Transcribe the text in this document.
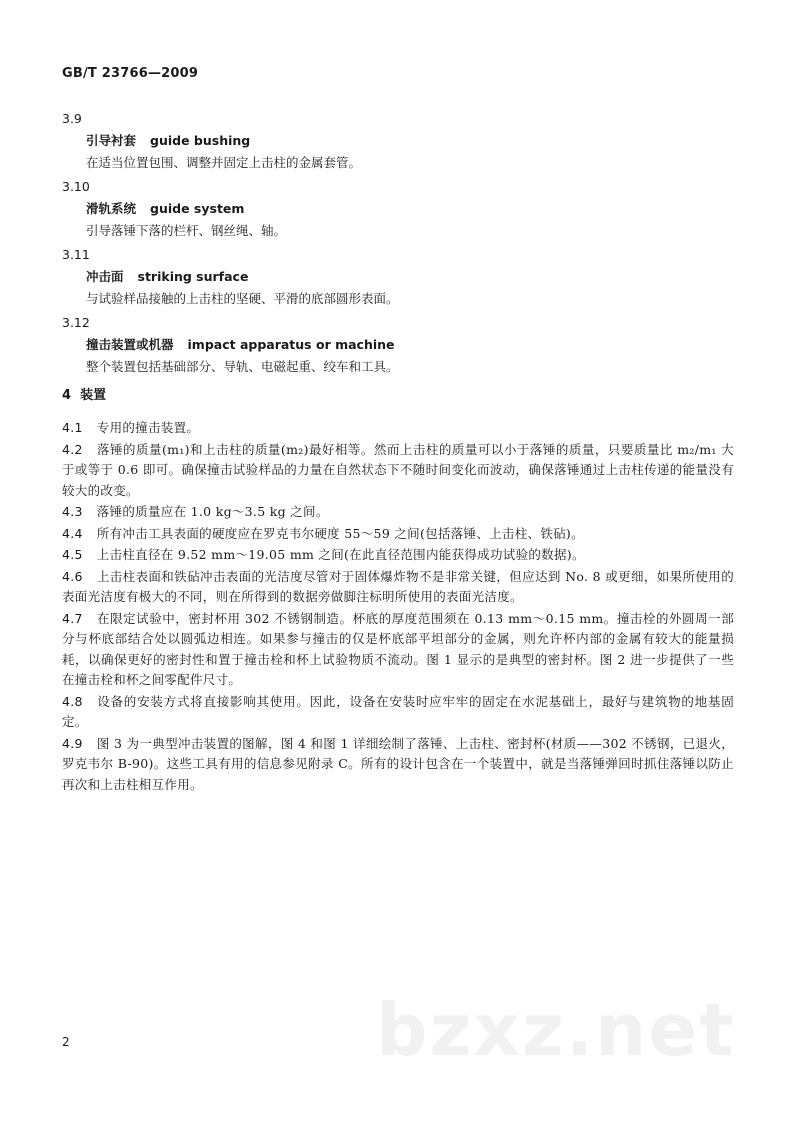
GB/T 23766—2009
3.9
引导衬套 guide bushing
在适当位置包围、调整并固定上击柱的金属套管。
3.10
滑轨系统 guide system
引导落锤下落的栏杆、钢丝绳、轴。
3.11
冲击面 striking surface
与试验样品接触的上击柱的坚硬、平滑的底部圆形表面。
3.12
撞击装置或机器 impact apparatus or machine
整个装置包括基础部分、导轨、电磁起重、绞车和工具。
4 装置
4.1 专用的撞击装置。
4.2 落锤的质量(m₁)和上击柱的质量(m₂)最好相等。然而上击柱的质量可以小于落锤的质量，只要质量比 m₂/m₁ 大于或等于 0.6 即可。确保撞击试验样品的力量在自然状态下不随时间变化而波动，确保落锤通过上击柱传递的能量没有较大的改变。
4.3 落锤的质量应在 1.0 kg～3.5 kg 之间。
4.4 所有冲击工具表面的硬度应在罗克韦尔硬度 55～59 之间(包括落锤、上击柱、铁砧)。
4.5 上击柱直径在 9.52 mm～19.05 mm 之间(在此直径范围内能获得成功试验的数据)。
4.6 上击柱表面和铁砧冲击表面的光洁度尽管对于固体爆炸物不是非常关键，但应达到 No. 8 或更细，如果所使用的表面光洁度有极大的不同，则在所得到的数据旁做脚注标明所使用的表面光洁度。
4.7 在限定试验中，密封杯用 302 不锈钢制造。杯底的厚度范围须在 0.13 mm～0.15 mm。撞击栓的外圆周一部分与杯底部结合处以圆弧边相连。如果参与撞击的仅是杯底部平坦部分的金属，则允许杯内部的金属有较大的能量损耗，以确保更好的密封性和置于撞击栓和杯上试验物质不流动。图 1 显示的是典型的密封杯。图 2 进一步提供了一些在撞击栓和杯之间零配件尺寸。
4.8 设备的安装方式将直接影响其使用。因此，设备在安装时应牢牢的固定在水泥基础上，最好与建筑物的地基固定。
4.9 图 3 为一典型冲击装置的图解，图 4 和图 1 详细绘制了落锤、上击柱、密封杯(材质——302 不锈钢，已退火，罗克韦尔 B-90)。这些工具有用的信息参见附录 C。所有的设计包含在一个装置中，就是当落锤弹回时抓住落锤以防止再次和上击柱相互作用。
bzxz.net
2
